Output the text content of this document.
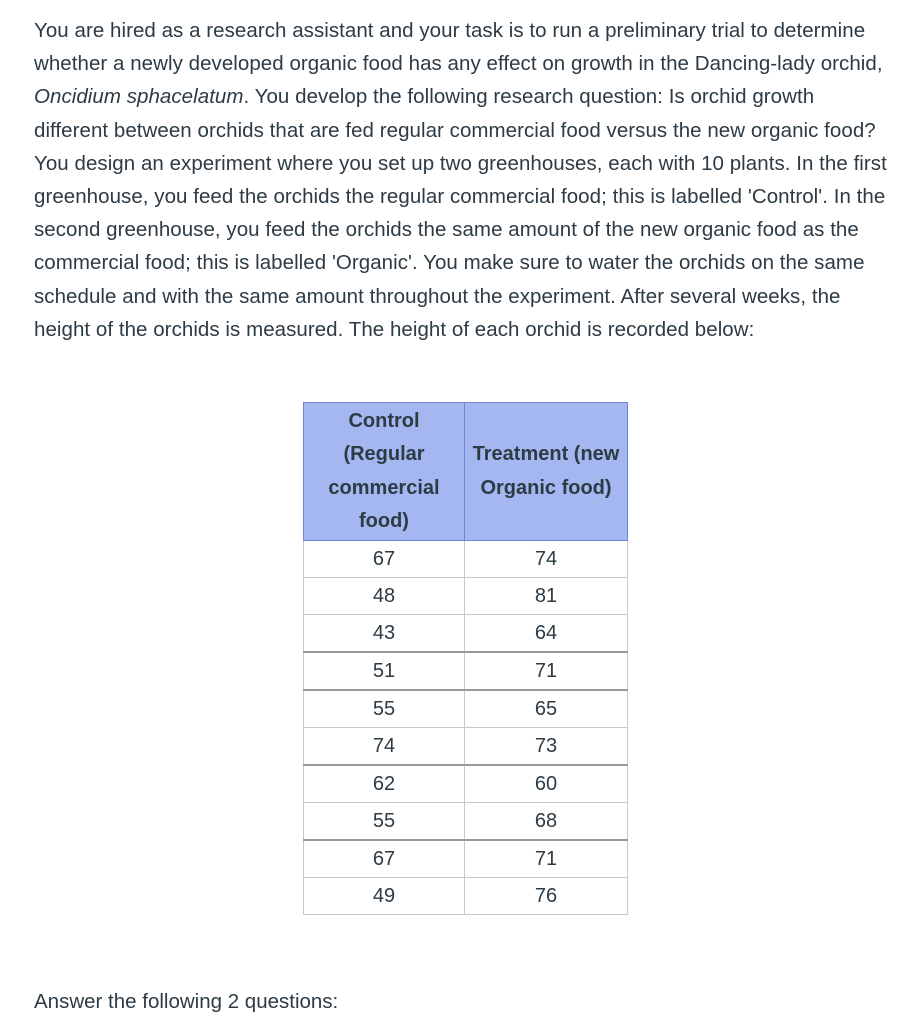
You are hired as a research assistant and your task is to run a preliminary trial to determine whether a newly developed organic food has any effect on growth in the Dancing-lady orchid, Oncidium sphacelatum. You develop the following research question: Is orchid growth different between orchids that are fed regular commercial food versus the new organic food? You design an experiment where you set up two greenhouses, each with 10 plants. In the first greenhouse, you feed the orchids the regular commercial food; this is labelled 'Control'. In the second greenhouse, you feed the orchids the same amount of the new organic food as the commercial food; this is labelled 'Organic'. You make sure to water the orchids on the same schedule and with the same amount throughout the experiment. After several weeks, the height of the orchids is measured. The height of each orchid is recorded below:

Control (Regular commercial food)	Treatment (new Organic food)
67	74
48	81
43	64
51	71
55	65
74	73
62	60
55	68
67	71
49	76

Answer the following 2 questions:
